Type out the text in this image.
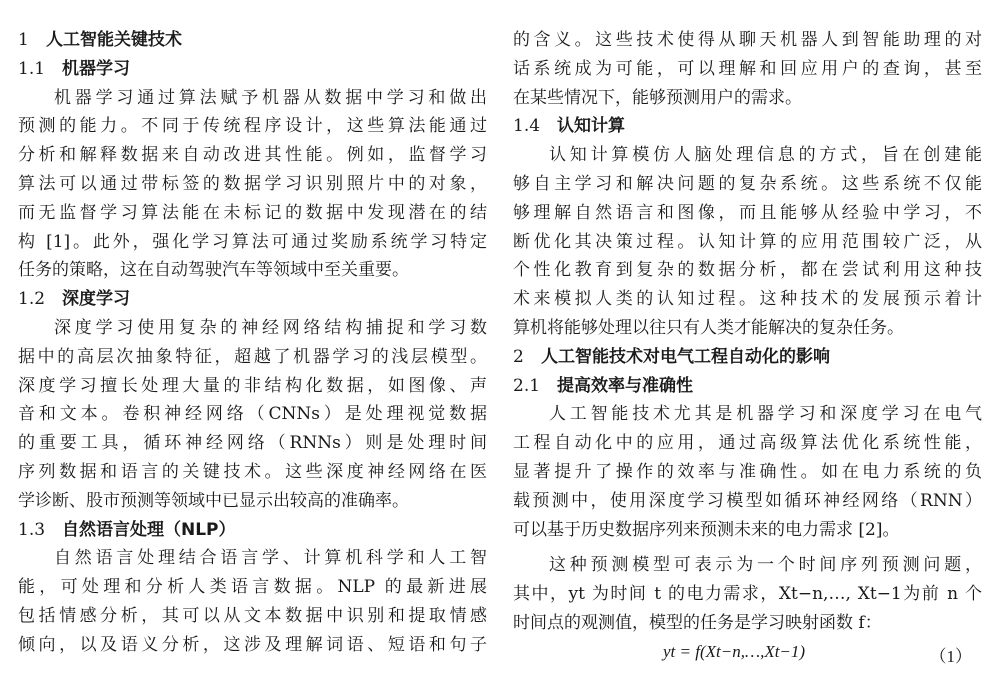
1 人工智能关键技术
1.1 机器学习
机器学习通过算法赋予机器从数据中学习和做出
预测的能力。不同于传统程序设计，这些算法能通过
分析和解释数据来自动改进其性能。例如，监督学习
算法可以通过带标签的数据学习识别照片中的对象，
而无监督学习算法能在未标记的数据中发现潜在的结
构 [1]。此外，强化学习算法可通过奖励系统学习特定
任务的策略，这在自动驾驶汽车等领域中至关重要。
1.2 深度学习
深度学习使用复杂的神经网络结构捕捉和学习数
据中的高层次抽象特征，超越了机器学习的浅层模型。
深度学习擅长处理大量的非结构化数据，如图像、声
音和文本。卷积神经网络（CNNs）是处理视觉数据
的重要工具，循环神经网络（RNNs）则是处理时间
序列数据和语言的关键技术。这些深度神经网络在医
学诊断、股市预测等领域中已显示出较高的准确率。
1.3 自然语言处理（NLP）
自然语言处理结合语言学、计算机科学和人工智
能，可处理和分析人类语言数据。NLP 的最新进展
包括情感分析，其可以从文本数据中识别和提取情感
倾向，以及语义分析，这涉及理解词语、短语和句子
的含义。这些技术使得从聊天机器人到智能助理的对
话系统成为可能，可以理解和回应用户的查询，甚至
在某些情况下，能够预测用户的需求。
1.4 认知计算
认知计算模仿人脑处理信息的方式，旨在创建能
够自主学习和解决问题的复杂系统。这些系统不仅能
够理解自然语言和图像，而且能够从经验中学习，不
断优化其决策过程。认知计算的应用范围较广泛，从
个性化教育到复杂的数据分析，都在尝试利用这种技
术来模拟人类的认知过程。这种技术的发展预示着计
算机将能够处理以往只有人类才能解决的复杂任务。
2 人工智能技术对电气工程自动化的影响
2.1 提高效率与准确性
人工智能技术尤其是机器学习和深度学习在电气
工程自动化中的应用，通过高级算法优化系统性能，
显著提升了操作的效率与准确性。如在电力系统的负
载预测中，使用深度学习模型如循环神经网络（RNN）
可以基于历史数据序列来预测未来的电力需求 [2]。
这种预测模型可表示为一个时间序列预测问题，
其中，yt 为时间 t 的电力需求，Xt−n,…, Xt−1为前 n 个
时间点的观测值，模型的任务是学习映射函数 f：
yt = f(Xt−n,…,Xt−1)	（1）
